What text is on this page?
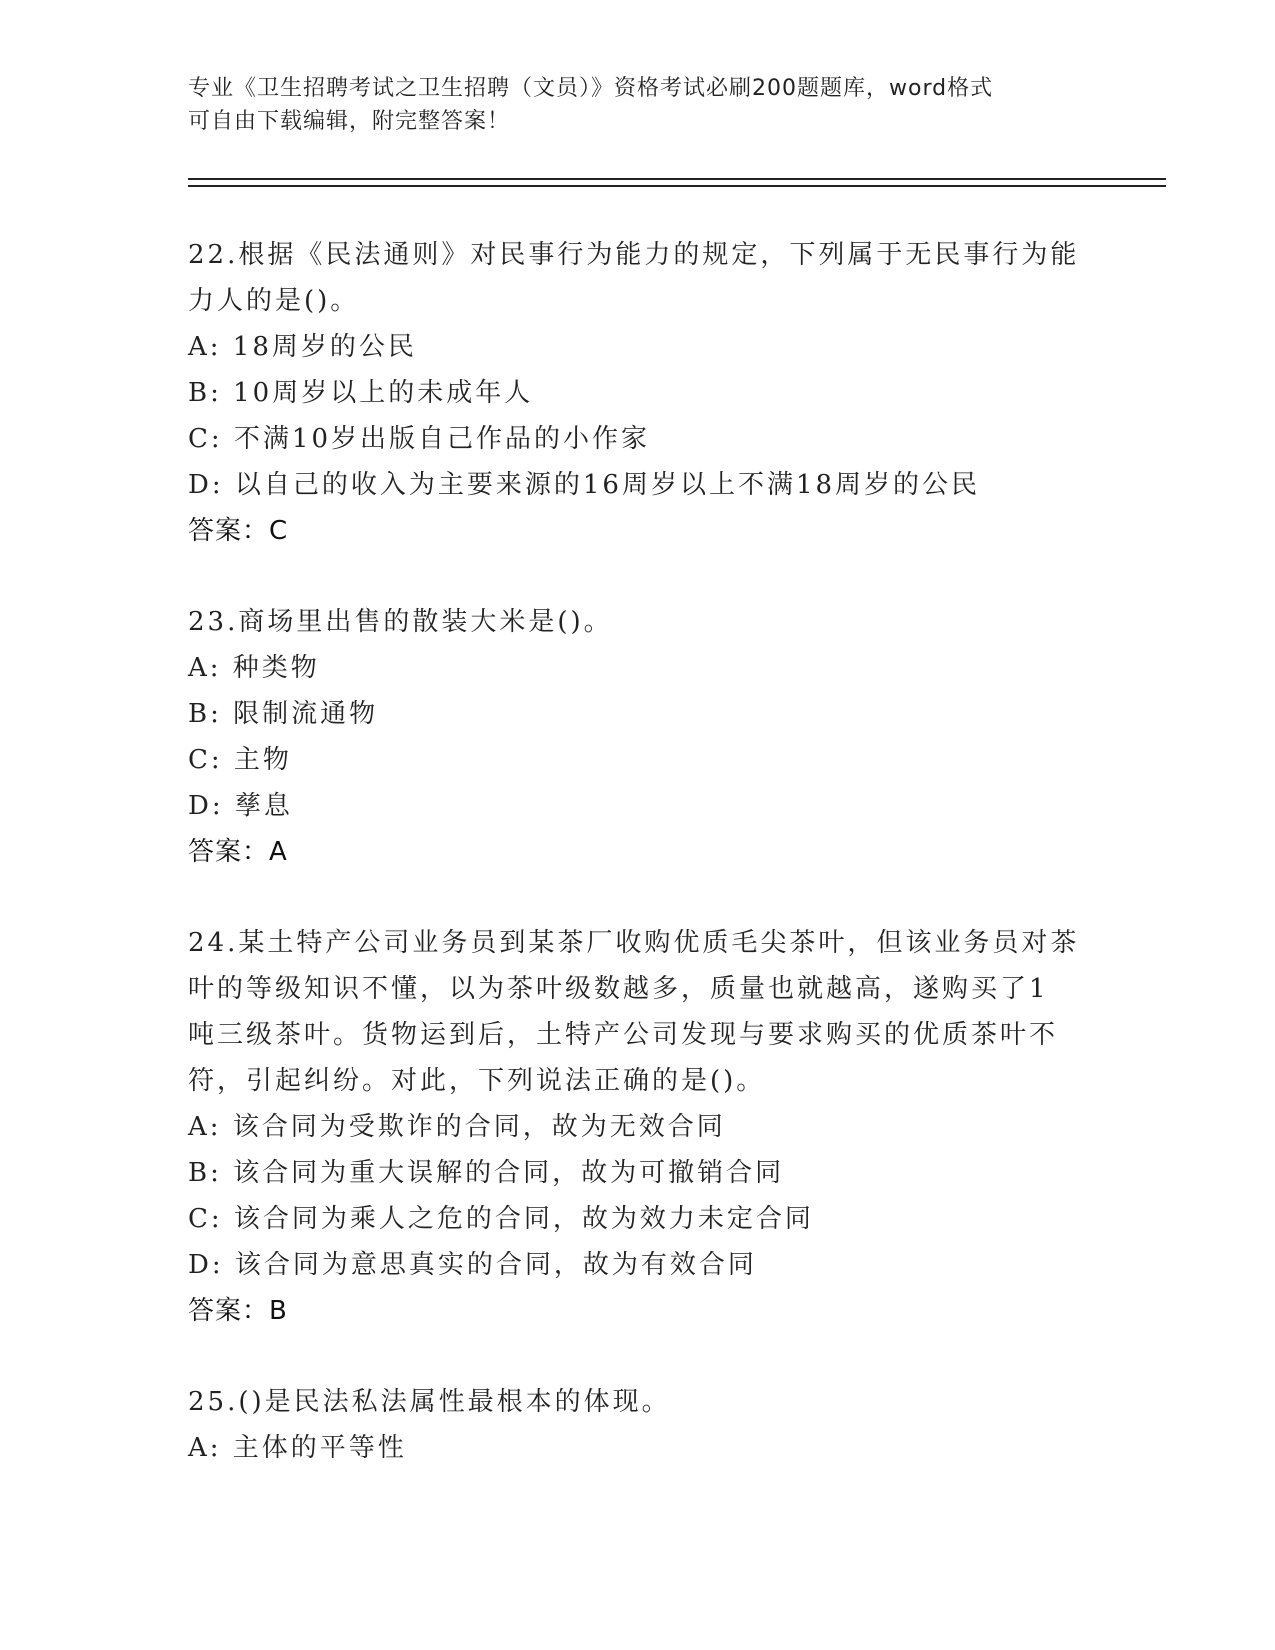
专业《卫生招聘考试之卫生招聘（文员）》资格考试必刷200题题库，word格式

可自由下载编辑，附完整答案！

22.根据《民法通则》对民事行为能力的规定，下列属于无民事行为能
力人的是()。

A: 18周岁的公民
B: 10周岁以上的未成年人
C: 不满10岁出版自己作品的小作家
D: 以自己的收入为主要来源的16周岁以上不满18周岁的公民
答案：C

23.商场里出售的散装大米是()。

A: 种类物
B: 限制流通物
C: 主物
D: 孳息
答案：A

24.某土特产公司业务员到某茶厂收购优质毛尖茶叶，但该业务员对茶
叶的等级知识不懂，以为茶叶级数越多，质量也就越高，遂购买了1
吨三级茶叶。货物运到后，土特产公司发现与要求购买的优质茶叶不
符，引起纠纷。对此，下列说法正确的是()。

A: 该合同为受欺诈的合同，故为无效合同
B: 该合同为重大误解的合同，故为可撤销合同
C: 该合同为乘人之危的合同，故为效力未定合同
D: 该合同为意思真实的合同，故为有效合同
答案：B

25.()是民法私法属性最根本的体现。

A: 主体的平等性
